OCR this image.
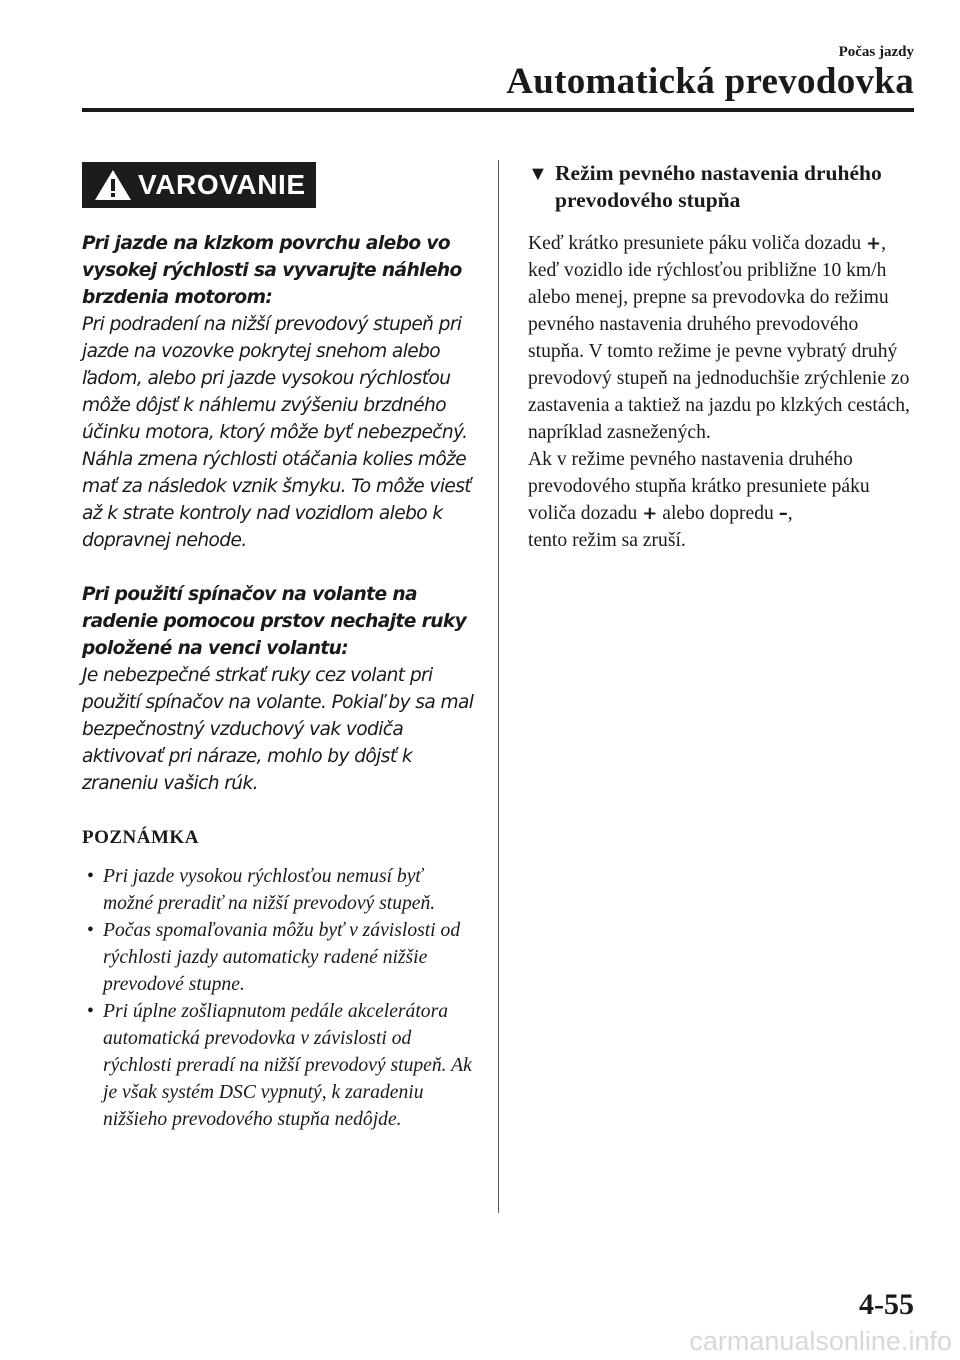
Počas jazdy
Automatická prevodovka
VAROVANIE

Pri jazde na klzkom povrchu alebo vo vysokej rýchlosti sa vyvarujte náhleho brzdenia motorom:

Pri podradení na nižší prevodový stupeň pri jazde na vozovke pokrytej snehom alebo ľadom, alebo pri jazde vysokou rýchlosťou môže dôjsť k náhlemu zvýšeniu brzdného účinku motora, ktorý môže byť nebezpečný. Náhla zmena rýchlosti otáčania kolies môže mať za následok vznik šmyku. To môže viesť až k strate kontroly nad vozidlom alebo k dopravnej nehode.

Pri použití spínačov na volante na radenie pomocou prstov nechajte ruky položené na venci volantu:

Je nebezpečné strkať ruky cez volant pri použití spínačov na volante. Pokiaľ by sa mal bezpečnostný vzduchový vak vodiča aktivovať pri náraze, mohlo by dôjsť k zraneniu vašich rúk.

POZNÁMKA
• Pri jazde vysokou rýchlosťou nemusí byť možné preradiť na nižší prevodový stupeň.
• Počas spomaľovania môžu byť v závislosti od rýchlosti jazdy automaticky radené nižšie prevodové stupne.
• Pri úplne zošliapnutom pedále akcelerátora automatická prevodovka v závislosti od rýchlosti preradí na nižší prevodový stupeň. Ak je však systém DSC vypnutý, k zaradeniu nižšieho prevodového stupňa nedôjde.
▼ Režim pevného nastavenia druhého prevodového stupňa

Keď krátko presuniete páku voliča dozadu +, keď vozidlo ide rýchlosťou približne 10 km/h alebo menej, prepne sa prevodovka do režimu pevného nastavenia druhého prevodového stupňa. V tomto režime je pevne vybratý druhý prevodový stupeň na jednoduchšie zrýchlenie zo zastavenia a taktiež na jazdu po klzkých cestách, napríklad zasnežených.

Ak v režime pevného nastavenia druhého prevodového stupňa krátko presuniete páku voliča dozadu + alebo dopredu –,
tento režim sa zruší.

4-55
carmanualsonline.info
